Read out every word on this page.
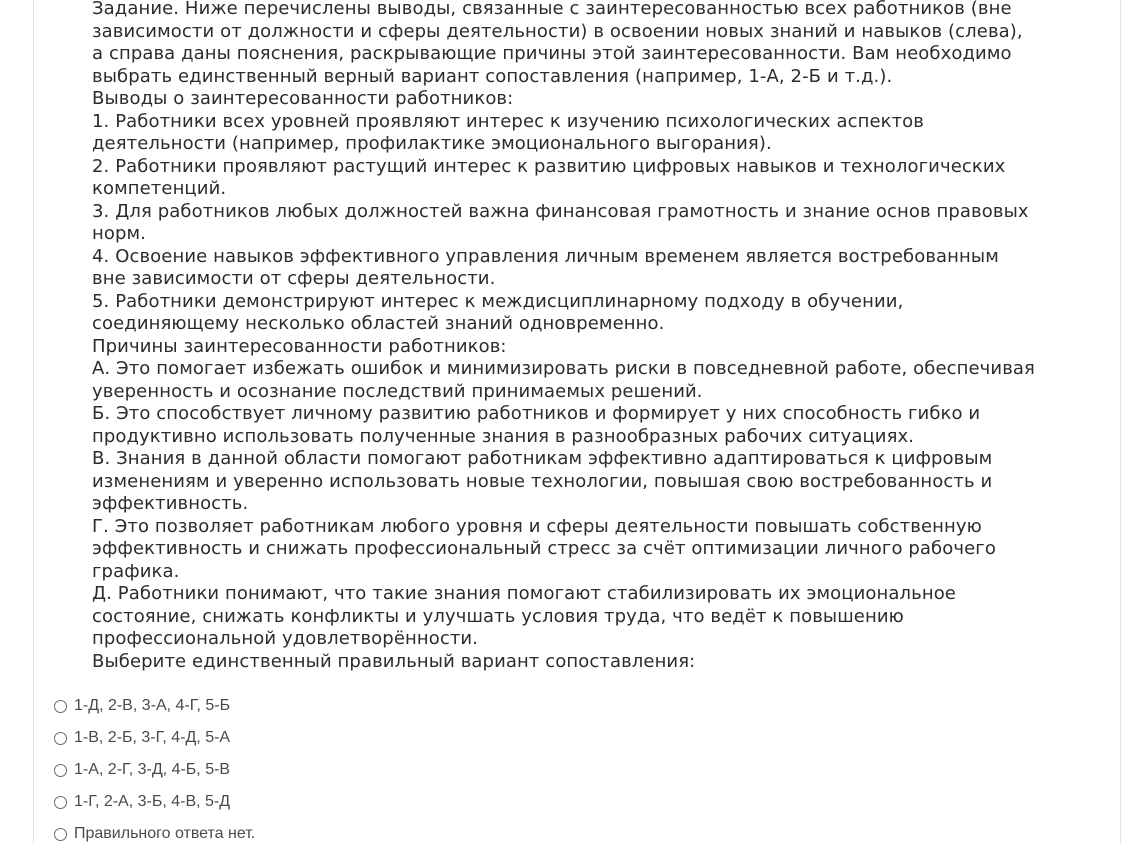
Задание. Ниже перечислены выводы, связанные с заинтересованностью всех работников (вне
зависимости от должности и сферы деятельности) в освоении новых знаний и навыков (слева),
а справа даны пояснения, раскрывающие причины этой заинтересованности. Вам необходимо
выбрать единственный верный вариант сопоставления (например, 1-А, 2-Б и т.д.).
Выводы о заинтересованности работников:
1. Работники всех уровней проявляют интерес к изучению психологических аспектов
деятельности (например, профилактике эмоционального выгорания).
2. Работники проявляют растущий интерес к развитию цифровых навыков и технологических
компетенций.
3. Для работников любых должностей важна финансовая грамотность и знание основ правовых
норм.
4. Освоение навыков эффективного управления личным временем является востребованным
вне зависимости от сферы деятельности.
5. Работники демонстрируют интерес к междисциплинарному подходу в обучении,
соединяющему несколько областей знаний одновременно.
Причины заинтересованности работников:
А. Это помогает избежать ошибок и минимизировать риски в повседневной работе, обеспечивая
уверенность и осознание последствий принимаемых решений.
Б. Это способствует личному развитию работников и формирует у них способность гибко и
продуктивно использовать полученные знания в разнообразных рабочих ситуациях.
В. Знания в данной области помогают работникам эффективно адаптироваться к цифровым
изменениям и уверенно использовать новые технологии, повышая свою востребованность и
эффективность.
Г. Это позволяет работникам любого уровня и сферы деятельности повышать собственную
эффективность и снижать профессиональный стресс за счёт оптимизации личного рабочего
графика.
Д. Работники понимают, что такие знания помогают стабилизировать их эмоциональное
состояние, снижать конфликты и улучшать условия труда, что ведёт к повышению
профессиональной удовлетворённости.
Выберите единственный правильный вариант сопоставления:
1-Д, 2-В, 3-А, 4-Г, 5-Б
1-В, 2-Б, 3-Г, 4-Д, 5-А
1-А, 2-Г, 3-Д, 4-Б, 5-В
1-Г, 2-А, 3-Б, 4-В, 5-Д
Правильного ответа нет.
